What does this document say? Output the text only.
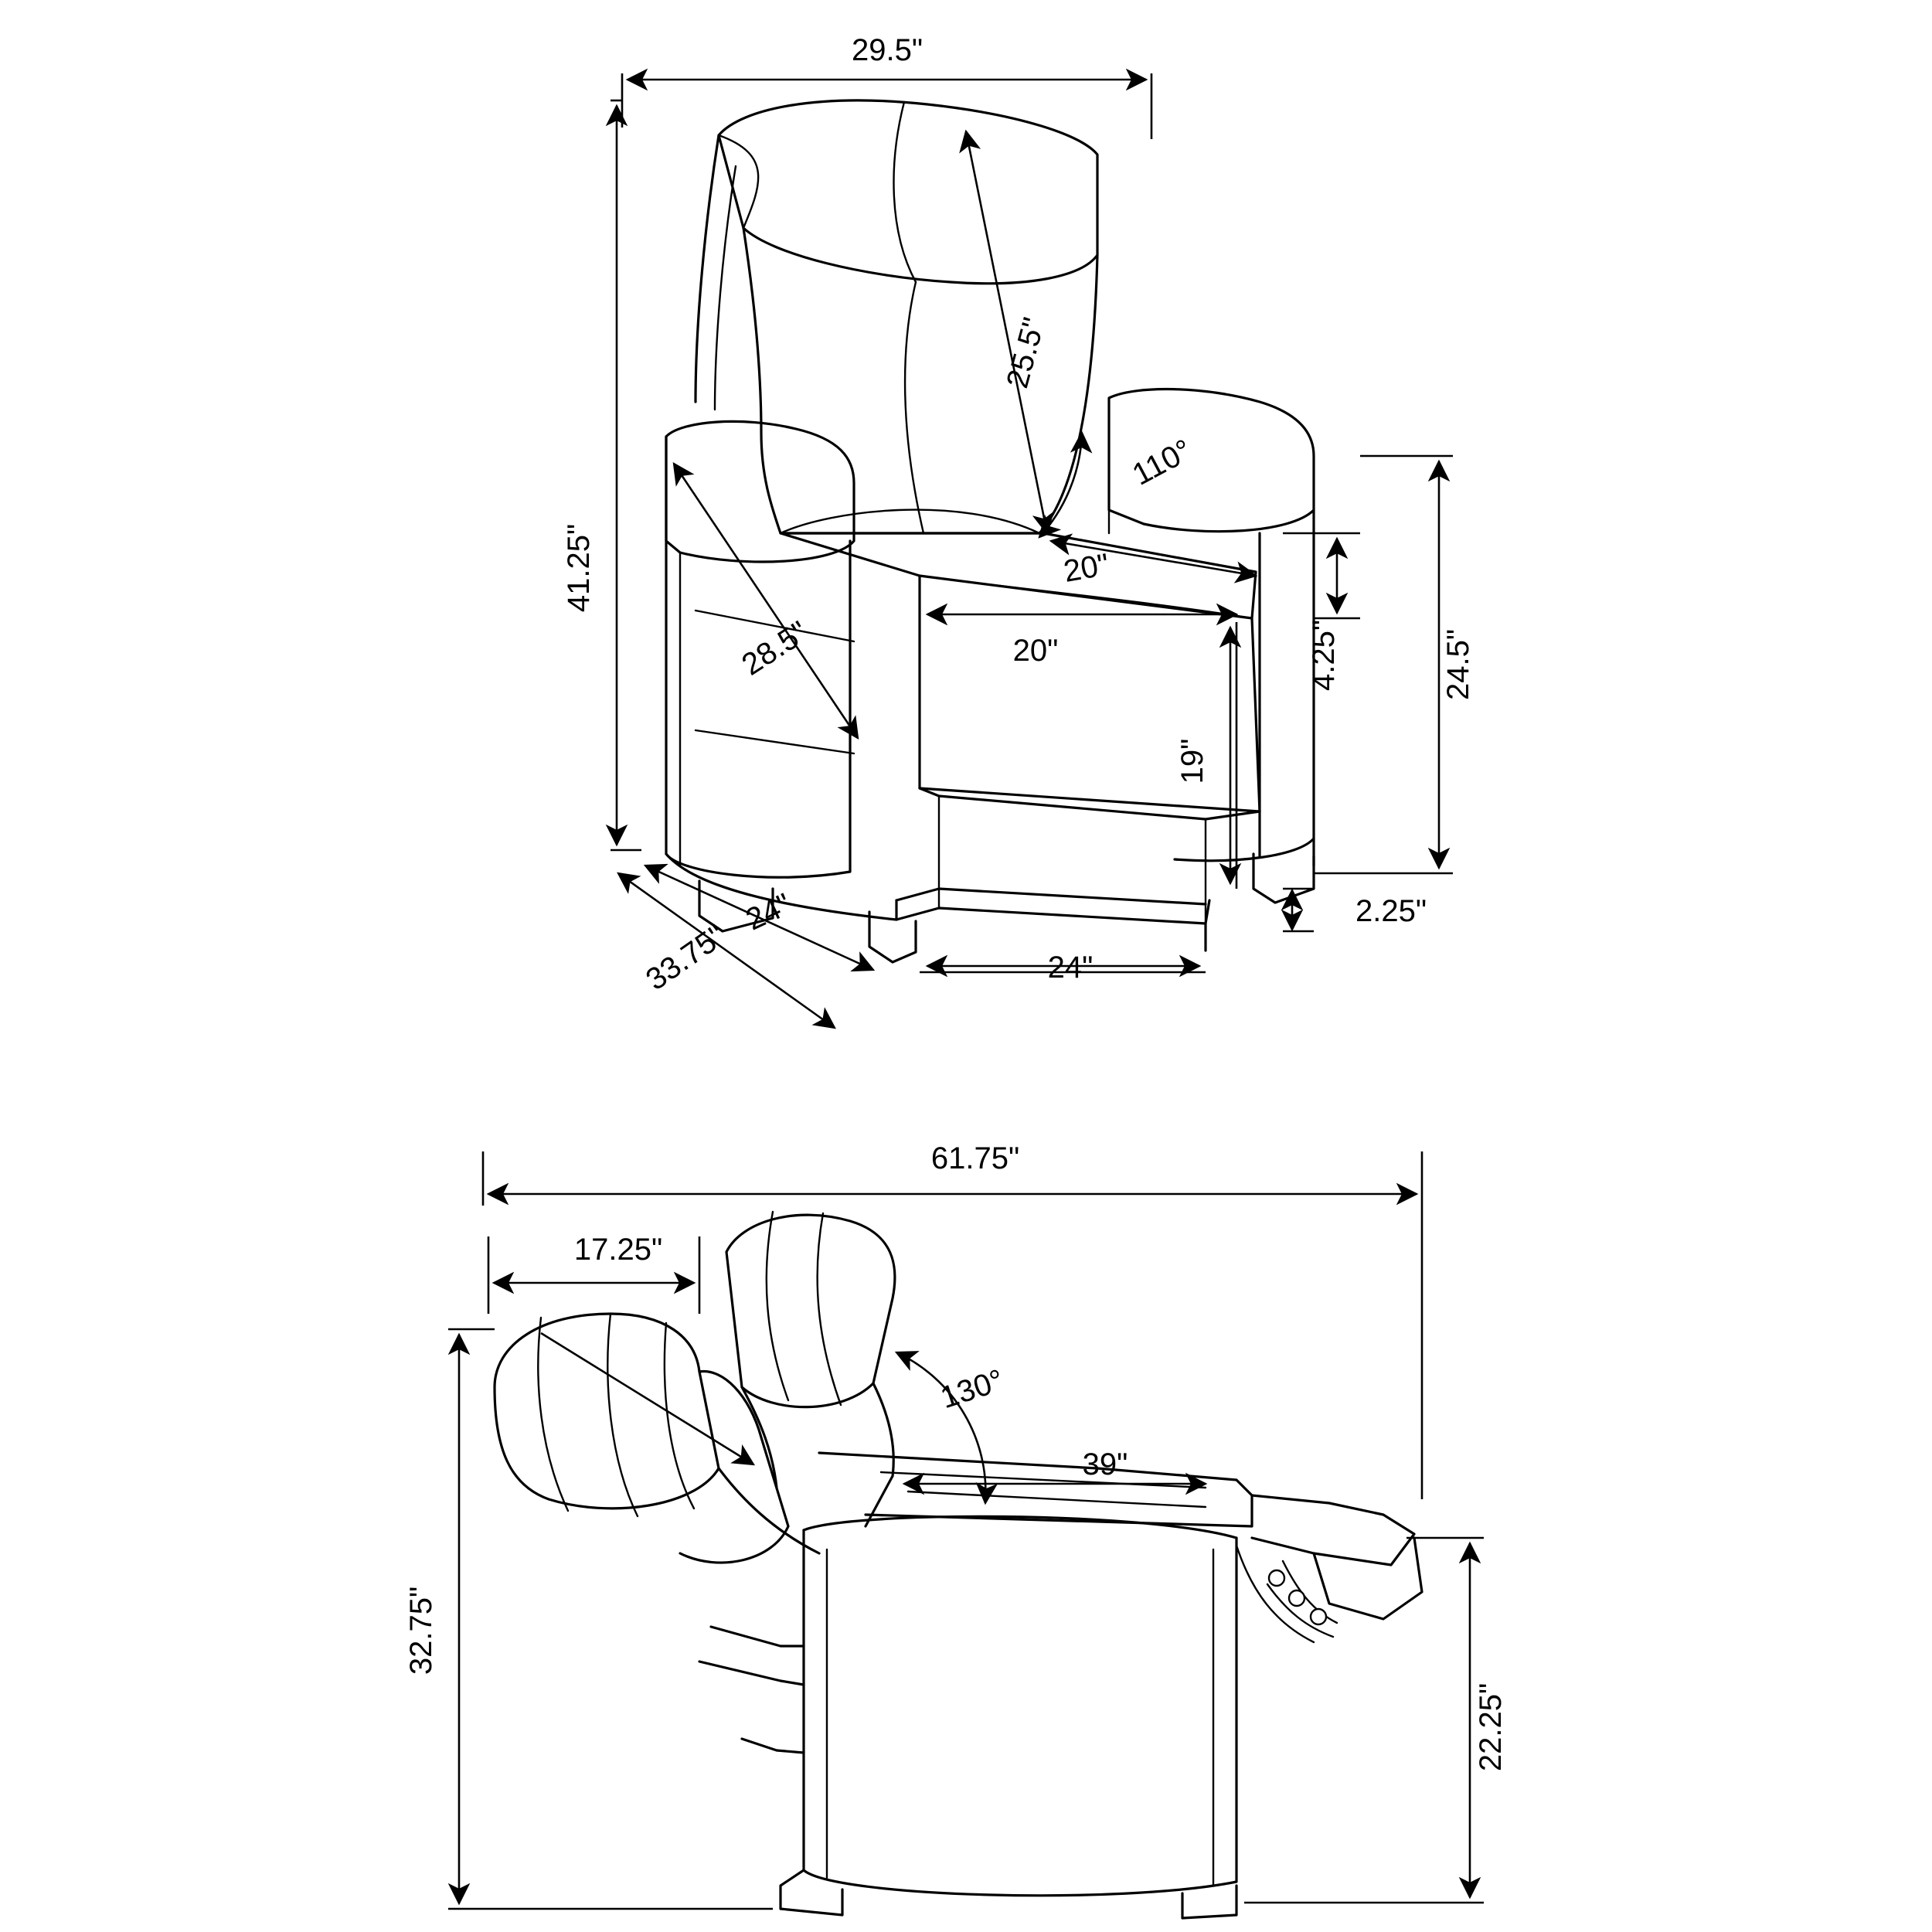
29.5"
41.25"
25.5"
110°
20"
20"	4.25"	24.5"
28.5"
19"
2.25"
24"
33.75"	24"
61.75"
17.25"
130°
39"
32.75"
22.25"
